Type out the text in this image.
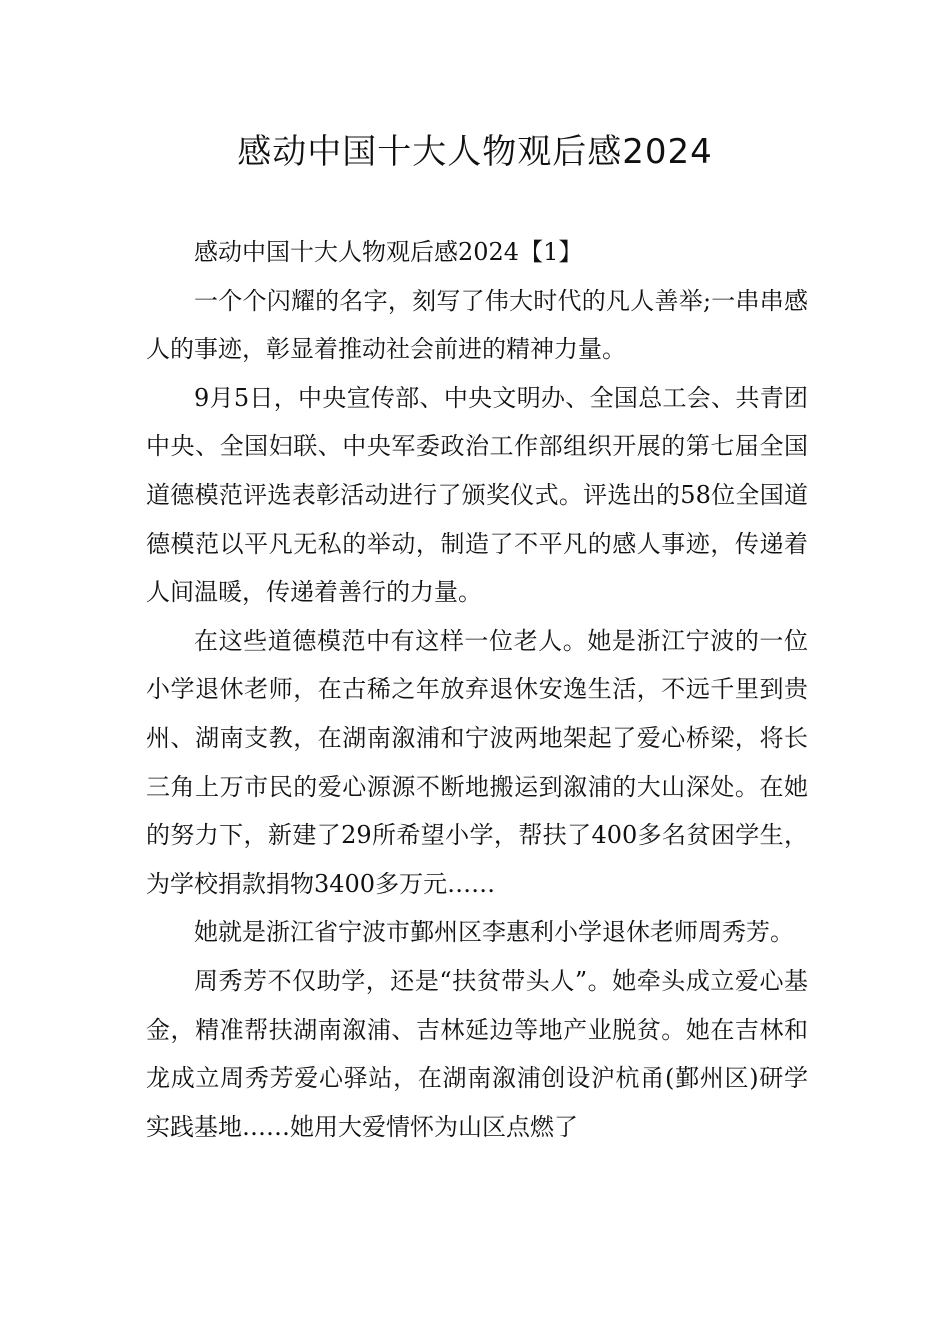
感动中国十大人物观后感2024

感动中国十大人物观后感2024【1】

一个个闪耀的名字，刻写了伟大时代的凡人善举;一串串感人的事迹，彰显着推动社会前进的精神力量。

9月5日，中央宣传部、中央文明办、全国总工会、共青团中央、全国妇联、中央军委政治工作部组织开展的第七届全国道德模范评选表彰活动进行了颁奖仪式。评选出的58位全国道德模范以平凡无私的举动，制造了不平凡的感人事迹，传递着人间温暖，传递着善行的力量。

在这些道德模范中有这样一位老人。她是浙江宁波的一位小学退休老师，在古稀之年放弃退休安逸生活，不远千里到贵州、湖南支教，在湖南溆浦和宁波两地架起了爱心桥梁，将长三角上万市民的爱心源源不断地搬运到溆浦的大山深处。在她的努力下，新建了29所希望小学，帮扶了400多名贫困学生，为学校捐款捐物3400多万元……

她就是浙江省宁波市鄞州区李惠利小学退休老师周秀芳。

周秀芳不仅助学，还是“扶贫带头人”。她牵头成立爱心基金，精准帮扶湖南溆浦、吉林延边等地产业脱贫。她在吉林和龙成立周秀芳爱心驿站，在湖南溆浦创设沪杭甬(鄞州区)研学实践基地……她用大爱情怀为山区点燃了
